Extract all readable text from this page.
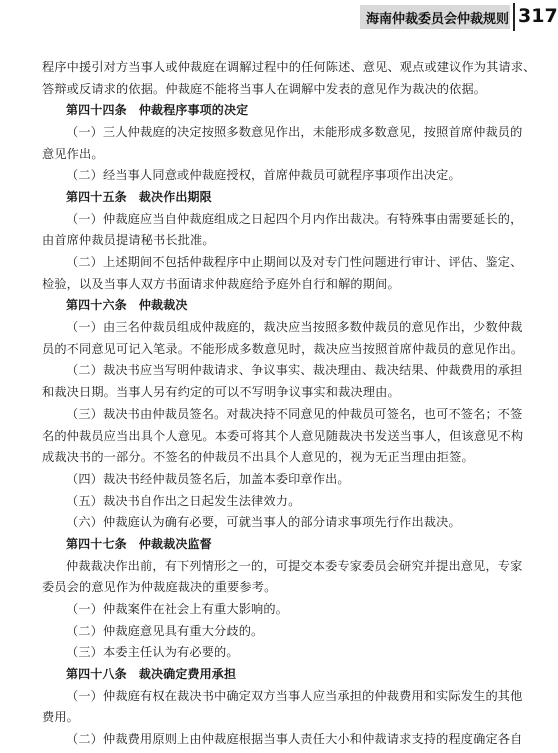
海南仲裁委员会仲裁规则 317
程序中援引对方当事人或仲裁庭在调解过程中的任何陈述、意见、观点或建议作为其请求、
答辩或反请求的依据。仲裁庭不能将当事人在调解中发表的意见作为裁决的依据。
第四十四条　仲裁程序事项的决定
（一）三人仲裁庭的决定按照多数意见作出，未能形成多数意见，按照首席仲裁员的
意见作出。
（二）经当事人同意或仲裁庭授权，首席仲裁员可就程序事项作出决定。
第四十五条　裁决作出期限
（一）仲裁庭应当自仲裁庭组成之日起四个月内作出裁决。有特殊事由需要延长的，
由首席仲裁员提请秘书长批准。
（二）上述期间不包括仲裁程序中止期间以及对专门性问题进行审计、评估、鉴定、
检验，以及当事人双方书面请求仲裁庭给予庭外自行和解的期间。
第四十六条　仲裁裁决
（一）由三名仲裁员组成仲裁庭的，裁决应当按照多数仲裁员的意见作出，少数仲裁
员的不同意见可记入笔录。不能形成多数意见时，裁决应当按照首席仲裁员的意见作出。
（二）裁决书应当写明仲裁请求、争议事实、裁决理由、裁决结果、仲裁费用的承担
和裁决日期。当事人另有约定的可以不写明争议事实和裁决理由。
（三）裁决书由仲裁员签名。对裁决持不同意见的仲裁员可签名，也可不签名；不签
名的仲裁员应当出具个人意见。本委可将其个人意见随裁决书发送当事人，但该意见不构
成裁决书的一部分。不签名的仲裁员不出具个人意见的，视为无正当理由拒签。
（四）裁决书经仲裁员签名后，加盖本委印章作出。
（五）裁决书自作出之日起发生法律效力。
（六）仲裁庭认为确有必要，可就当事人的部分请求事项先行作出裁决。
第四十七条　仲裁裁决监督
仲裁裁决作出前，有下列情形之一的，可提交本委专家委员会研究并提出意见，专家
委员会的意见作为仲裁庭裁决的重要参考。
（一）仲裁案件在社会上有重大影响的。
（二）仲裁庭意见具有重大分歧的。
（三）本委主任认为有必要的。
第四十八条　裁决确定费用承担
（一）仲裁庭有权在裁决书中确定双方当事人应当承担的仲裁费用和实际发生的其他
费用。
（二）仲裁费用原则上由仲裁庭根据当事人责任大小和仲裁请求支持的程度确定各自
